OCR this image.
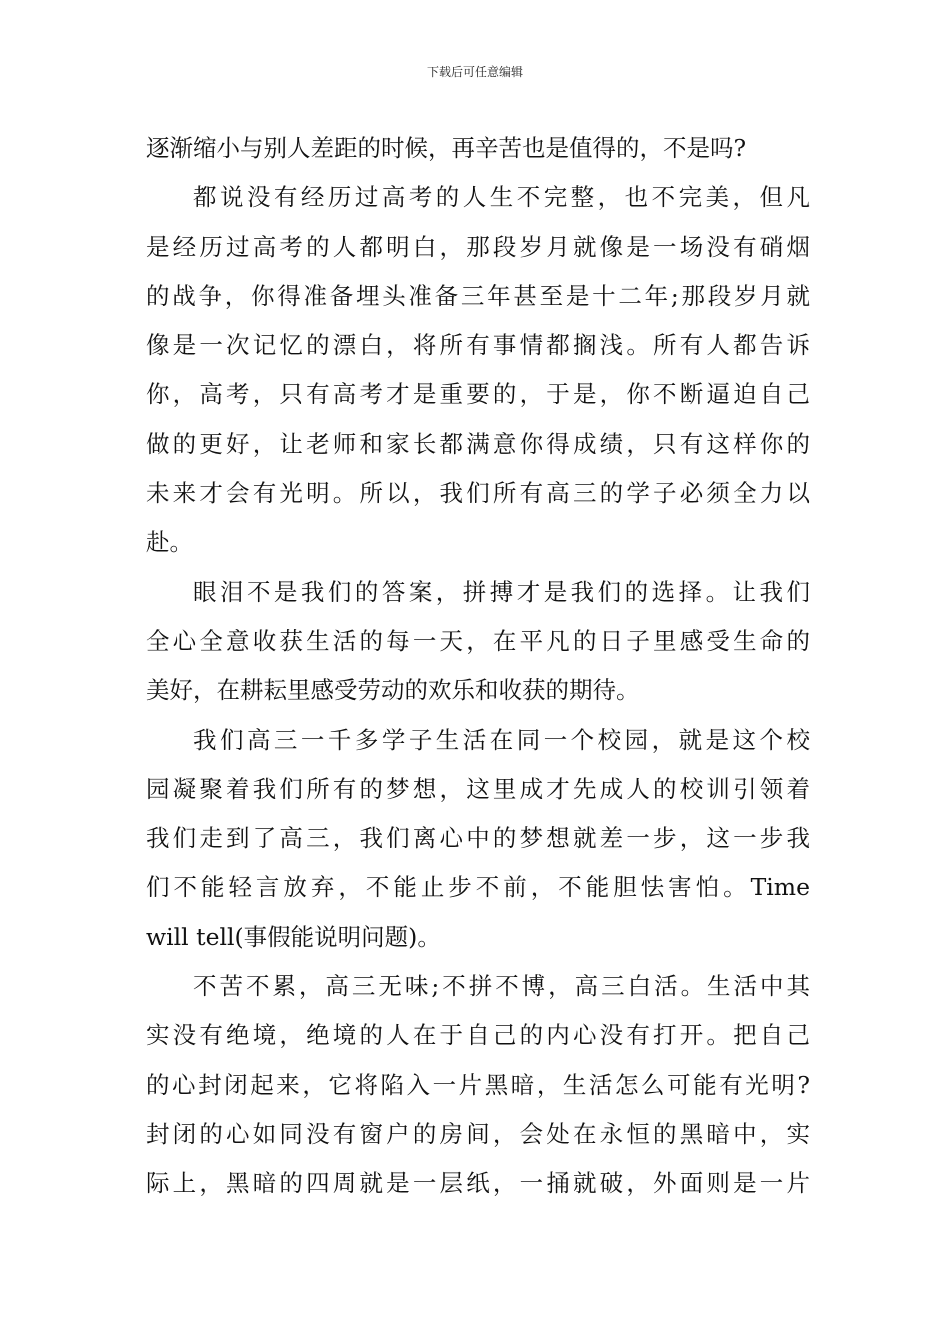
下载后可任意编辑
逐渐缩小与别人差距的时候，再辛苦也是值得的，不是吗?
都说没有经历过高考的人生不完整，也不完美，但凡
是经历过高考的人都明白，那段岁月就像是一场没有硝烟
的战争，你得准备埋头准备三年甚至是十二年;那段岁月就
像是一次记忆的漂白，将所有事情都搁浅。所有人都告诉
你，高考，只有高考才是重要的，于是，你不断逼迫自己
做的更好，让老师和家长都满意你得成绩，只有这样你的
未来才会有光明。所以，我们所有高三的学子必须全力以
赴。
眼泪不是我们的答案，拼搏才是我们的选择。让我们
全心全意收获生活的每一天，在平凡的日子里感受生命的
美好，在耕耘里感受劳动的欢乐和收获的期待。
我们高三一千多学子生活在同一个校园，就是这个校
园凝聚着我们所有的梦想，这里成才先成人的校训引领着
我们走到了高三，我们离心中的梦想就差一步，这一步我
们不能轻言放弃，不能止步不前，不能胆怯害怕。Time
will tell(事假能说明问题)。
不苦不累，高三无味;不拼不博，高三白活。生活中其
实没有绝境，绝境的人在于自己的内心没有打开。把自己
的心封闭起来，它将陷入一片黑暗，生活怎么可能有光明?
封闭的心如同没有窗户的房间，会处在永恒的黑暗中，实
际上，黑暗的四周就是一层纸，一捅就破，外面则是一片
